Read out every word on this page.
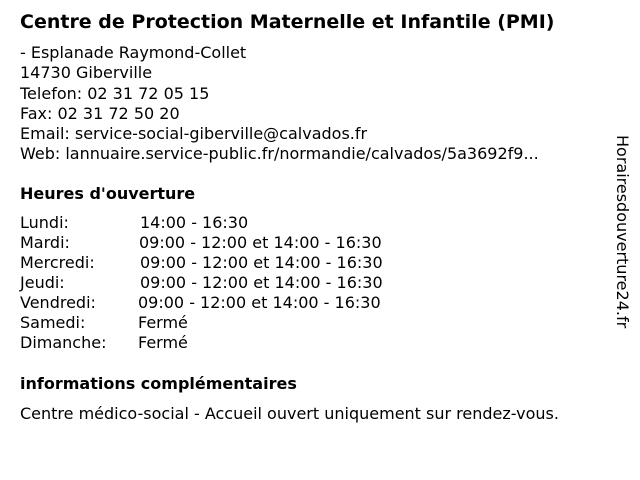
Centre de Protection Maternelle et Infantile (PMI)
- Esplanade Raymond-Collet
14730 Giberville
Telefon: 02 31 72 05 15
Fax: 02 31 72 50 20
Email: service-social-giberville@calvados.fr
Web: lannuaire.service-public.fr/normandie/calvados/5a3692f9...
Heures d'ouverture
Lundi:	14:00 - 16:30
Mardi:	09:00 - 12:00 et 14:00 - 16:30
Mercredi:	09:00 - 12:00 et 14:00 - 16:30
Jeudi:	09:00 - 12:00 et 14:00 - 16:30
Vendredi:	09:00 - 12:00 et 14:00 - 16:30
Samedi:	Fermé
Dimanche: Fermé
informations complémentaires
Centre médico-social - Accueil ouvert uniquement sur rendez-vous.
Horairesdouverture24.fr
